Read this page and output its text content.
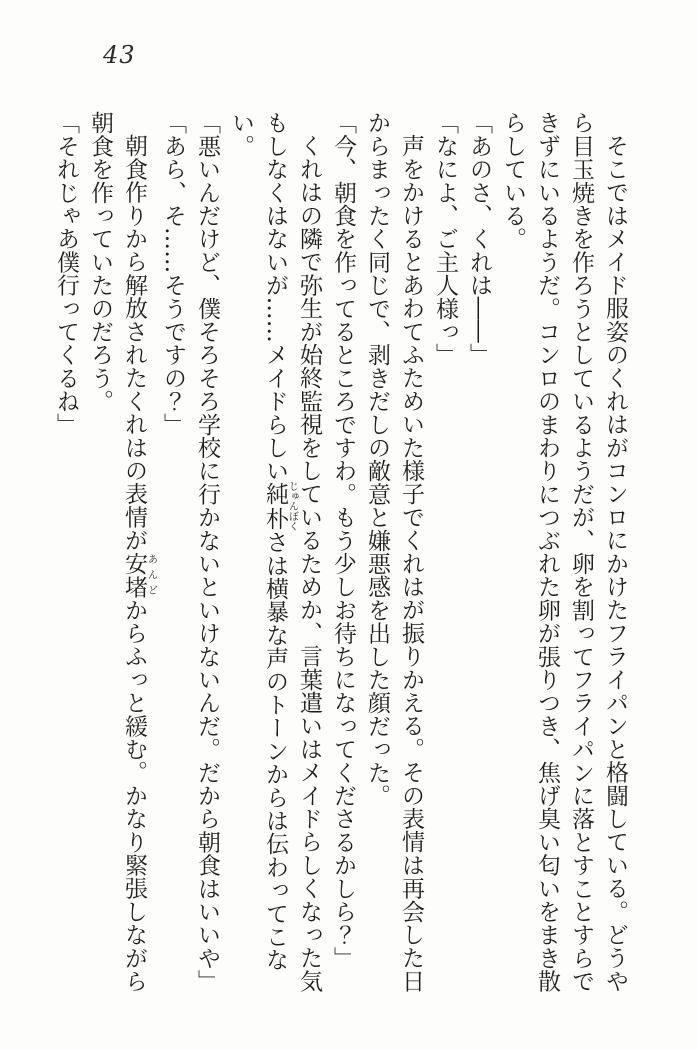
43

そこではメイド服姿のくれはがコンロにかけたフライパンと格闘している。どうやら目玉焼きを作ろうとしているようだが、卵を割ってフライパンに落とすことすらできずにいるようだ。コンロのまわりにつぶれた卵が張りつき、焦げ臭い匂いをまき散らしている。

「あのさ、くれは――」

「なによ、ご主人様っ」

声をかけるとあわてふためいた様子でくれはが振りかえる。その表情は再会した日からまったく同じで、剥きだしの敵意と嫌悪感を出した顔だった。

「今、朝食を作ってるところですわ。もう少しお待ちになってくださるかしら？」

くれはの隣で弥生が始終監視をしているためか、言葉遣いはメイドらしくなった気もしなくはないが……メイドらしい純朴じゅんぼくさは横暴な声のトーンからは伝わってこない。

「悪いんだけど、僕そろそろ学校に行かないといけないんだ。だから朝食はいいや」

「あら、そ……そうですの？」

朝食作りから解放されたくれはの表情が安堵あんどからふっと緩む。かなり緊張しながら朝食を作っていたのだろう。

「それじゃあ僕行ってくるね」
